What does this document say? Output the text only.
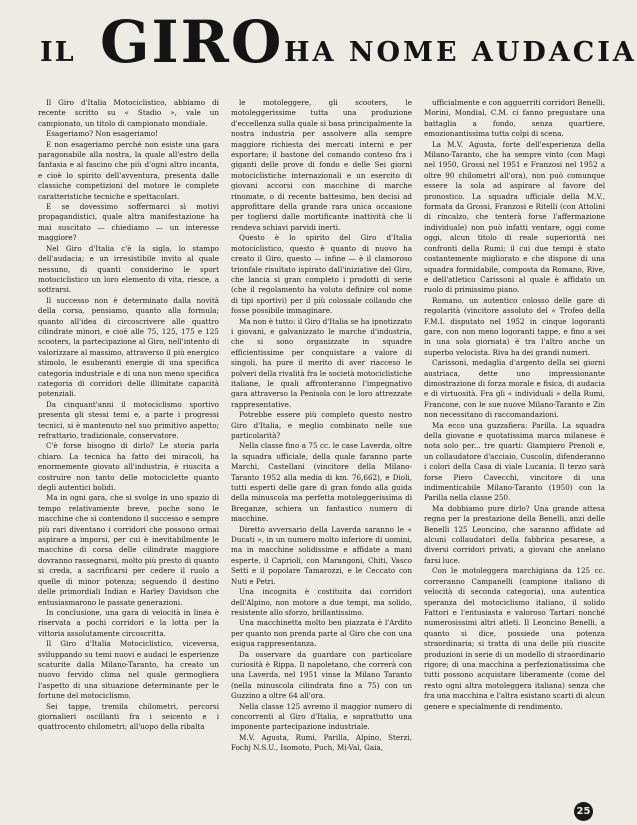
IL GIRO HA NOME AUDACIA

Il Giro d'Italia Motociclistico, abbiamo di recente scritto su « Stadio », vale un campionato, un titolo di campionato mondiale.

Esageriamo? Non esageriamo!

E non esageriamo perché non esiste una gara paragonabile alla nostra, la quale all'estro della fantasia e al fascino che più d'ogni altro incanta, e cioè lo spirito dell'avventura, presenta dalle classiche competizioni del motore le complete caratteristiche tecniche e spettacolari.

E se dovessimo soffermarci sì motivi propagandistici, quale altra manifestazione ha mai suscitato — chiediamo — un interesse maggiore?

Nel Giro d'Italia c'è la sigla, lo stampo dell'audacia; e un irresistibile invito al quale nessuno, di quanti considerino le sport motociclistico un loro elemento di vita, riesce, a sottrarsi.

Il successo non è determinato dalla novità della corsa, pensiamo, quanto alla formula; quanto all'idea di circoscrivere alle quattro cilindrate minori, e cioè alle 75, 125, 175 e 125 scooters, la partecipazione al Giro, nell'intento di valorizzare al massimo, attraverso il più energico stimolo, le esuberanti energie di una specifica categoria industriale e di una non meno specifica categoria di corridori delle illimitate capacità potenziali.

Da cinquant'anni il motociclismo sportivo presenta gli stessi temi e, a parte i progressi tecnici, si è mantenuto nel suo primitivo aspetto; refrattario, tradizionale, conservatore.

C'è forse bisogno di dirlo? Le storia parla chiaro. La tecnica ha fatto dei miracoli, ha enormemente giovato all'industria, è riuscita a costruire non tanto delle motociclette quanto degli autentici bolidi.

Ma in ogni gara, che si svolge in uno spazio di tempo relativamente breve, poche sono le macchine che si contendono il successo e sempre più rari diventano i corridori che possono ormai aspirare a imporsi, per cui è inevitabilmente le macchine di corsa delle cilindrate maggiore dovranno rassegnarsi, molto più presto di quanto si creda, a sacrificarsi per cedere il ruolo a quelle di minor potenza; seguendo il destino delle primordiali Indian e Harley Davidson che entusiasmarono le passate generazioni.

In conclusione, una gara di velocità in linea è riservata a pochi corridori e la lotta per la vittoria assolutamente circoscritta.

Il Giro d'Italia Motociclistico, viceversa, sviluppando su temi nuovi e audaci le esperienze scaturite dalla Milano-Taranto, ha creato un nuovo fervido clima nel quale germogliera l'aspetto di una situazione determinante per le fortune del motociclismo.

Sei tappe, tremila chilometri, percorsi giornalieri oscillanti fra i seicento e i quattrocento chilometri; all'uopo della ribalta

le motoleggere, gli scooters, le motoleggerissime tutta una produzione d'eccellenza sulla quale si basa principalmente la nostra industria per assolvere alla sempre maggiore richiesta dei mercati interni e per esportare; il bastone del comando conteso fra i giganti delle prove di fondo e delle Sei giorni motociclistiche internazionali e un esercito di giovani accorsi con macchine di marche rinomate, o di recente battesimo, ben decisi ad approfittare della grande rara unica occasione per togliersi dalle mortificante inattività che li rendeva schiavi parvidi inerti.

Questo è lo spirito del Giro d'Italia motociclistico, questo è quanto di nuovo ha creato il Giro, questo — infine — è il clamoroso trionfale risultato ispirato dall'iniziative del Giro, che lancia si gran completo i prodotti di serie (che il regolamento ha voluto definire col nome di tipi sportivi) per il più colossale collaudo che fosse possibile immaginare.

Ma non è tutto: il Giro d'Italia se ha ipnotizzato i giovani, e galvanizzato le marche d'industria, che si sono organizzate in squadre efficientissime per conquistare a valore di singoli, ha pure il merito di aver riacceso le polveri della rivalità fra le società motociclistiche italiane, le quali affronteranno l'impegnativo gara attraverso la Penisola con le loro attrezzate rappresentative.

Potrebbe essere più completo questo nostro Giro d'Italia, e meglio combinato nelle sue particolarità?

Nella classe fino a 75 cc. le case Laverda, oltre la squadra ufficiale, della quale faranno parte Marchi, Castellani (vincitore della Milano-Taranto 1952 alla media di km. 76,662), e Dioli, tutti esperti delle gare di gran fondo alla guida della minuscola ma perfetta motoleggerissima di Breganze, schiera un fantastico numero di macchine.

Diretto avversario della Laverda saranno le « Ducati », in un numero molto inferiore di uomini, ma in macchine solidissime e affidate a mani esperte, il Caprioli, con Marangoni, Chiti, Vasco Setti e il popolare Tamarozzi, e le Ceccato con Nuti e Petri.

Una incognita è costituita dai corridori dell'Alpino, non motore a due tempi, ma solido, resistente allo sforzo, brillantissimo.

Una macchinetta molto ben piazzata è l'Ardito per quanto non prenda parte al Giro che con una esigua rappresentanza.

Da osservare da guardare con particolare curiosità è Rippa. Il napoletano, che correrà con una Laverda, nel 1951 vinse la Milano Taranto (nella minuscola cilindrata fino a 75) con un Guzzino a oltre 64 all'ora.

Nella classe 125 avremo il maggior numero di concorrenti al Giro d'Italia, e soprattutto una imponente partecipazione industriale.

M.V. Agusta, Rumi, Parilla, Alpino, Sterzi, Fochj N.S.U., Isomoto, Puch, Mi-Val, Gaia,

ufficialmente e con agguerriti corridori Benelli, Morini, Mondial, C.M. ci fanno pregustare una battaglia a fondo, senza quartiere, emozionantissima tutta colpi di scena.

La M.V. Agusta, forte dell'esperienza della Milano-Taranto, che ha sempre vinto (con Magi nel 1950, Grossi nel 1951 e Franzosi nel 1952 a oltre 90 chilometri all'ora), non può comunque essere la sola ad aspirare al favore del pronostico. La squadra ufficiale della M.V., formata da Grossi, Franzosi e Ritelli (con Attolini di rincalzo, che tenterà forse l'affermazione individuale) non può infatti ventare, oggi come oggi, alcun titolo di reale superiorità nei confronti della Rumi; il cui due tempi è stato costantemente migliorato e che dispone di una squadra formidabile, composta da Romano, Rive, e dell'atletico Carissoni al quale è affidato un ruolo di primissimo piano.

Romano, un autentico colosso delle gare di regolarità (vincitore assoluto del « Trofeo della F.M.I. disputato nel 1952 in cinque logoranti gare, con non meno logoranti tappe, e fino a sei in una sola giornata) è tra l'altro anche un superbo velocista. Riva ha dei grandi numeri.

Carissoni, medaglia d'argento della sei giorni austriaca, dette uno impressionante dimostrazione di forza morale e fisica, di audacia e di virtuosità. Fra gli « individuali » della Rumi, Francone, con le sue nuove Milano-Taranto e Zin non necessitano di raccomandazioni.

Ma ecco una guzzafiera: Parilla. La squadra della giovane e quotatissima marca milanese è nota solo per... tre quarti: Giampiero Prenoli e, un collaudatore d'acciaio, Cuscolin, difenderanno i colori della Casa di viale Lucania. Il terzo sarà forse Piero Cavecchi, vincitore di una indimenticabile Milano-Taranto (1950) con la Parilla nella classe 250.

Ma dobbiamo pure dirlo? Una grande attesa regna per la prestazione della Benelli, anzi delle Benelli 125 Leoncino, che saranno affidate ad alcuni collaudatori della fabbrica pesarese, a diversi corridori privati, a giovani che anelano farsi luce.

Con le motoleggera marchigiana da 125 cc. correranno Campanelli (campione italiano di velocità di seconda categoria), una autentica speranza del motociclismo italiano, il solido Fattori e l'entusiasta e valoroso Tartari nonché numerosissimi altri atleti. Il Leoncino Benelli, a quanto si dice, possiede una potenza straordinaria; si tratta di una delle più riuscite produzioni in serie di un modello di straordinario rigore; di una macchina a perfezionatissima che tutti possono acquistare liberamente (come del resto ogni altra motoleggera italiana) senza che fra una macchina e l'altra esistano scarti di alcun genere e specialmente di rendimento.

25
